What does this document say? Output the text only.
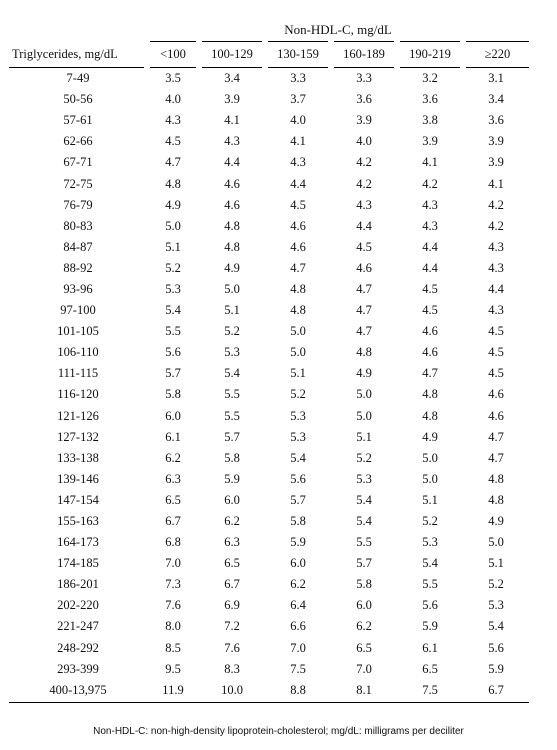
	Non-HDL-C, mg/dL					
Triglycerides, mg/dL	<100	100-129	130-159	160-189	190-219	≥220
7-49	3.5	3.4	3.3	3.3	3.2	3.1
50-56	4.0	3.9	3.7	3.6	3.6	3.4
57-61	4.3	4.1	4.0	3.9	3.8	3.6
62-66	4.5	4.3	4.1	4.0	3.9	3.9
67-71	4.7	4.4	4.3	4.2	4.1	3.9
72-75	4.8	4.6	4.4	4.2	4.2	4.1
76-79	4.9	4.6	4.5	4.3	4.3	4.2
80-83	5.0	4.8	4.6	4.4	4.3	4.2
84-87	5.1	4.8	4.6	4.5	4.4	4.3
88-92	5.2	4.9	4.7	4.6	4.4	4.3
93-96	5.3	5.0	4.8	4.7	4.5	4.4
97-100	5.4	5.1	4.8	4.7	4.5	4.3
101-105	5.5	5.2	5.0	4.7	4.6	4.5
106-110	5.6	5.3	5.0	4.8	4.6	4.5
111-115	5.7	5.4	5.1	4.9	4.7	4.5
116-120	5.8	5.5	5.2	5.0	4.8	4.6
121-126	6.0	5.5	5.3	5.0	4.8	4.6
127-132	6.1	5.7	5.3	5.1	4.9	4.7
133-138	6.2	5.8	5.4	5.2	5.0	4.7
139-146	6.3	5.9	5.6	5.3	5.0	4.8
147-154	6.5	6.0	5.7	5.4	5.1	4.8
155-163	6.7	6.2	5.8	5.4	5.2	4.9
164-173	6.8	6.3	5.9	5.5	5.3	5.0
174-185	7.0	6.5	6.0	5.7	5.4	5.1
186-201	7.3	6.7	6.2	5.8	5.5	5.2
202-220	7.6	6.9	6.4	6.0	5.6	5.3
221-247	8.0	7.2	6.6	6.2	5.9	5.4
248-292	8.5	7.6	7.0	6.5	6.1	5.6
293-399	9.5	8.3	7.5	7.0	6.5	5.9
400-13,975	11.9	10.0	8.8	8.1	7.5	6.7
Non-HDL-C: non-high-density lipoprotein-cholesterol; mg/dL: milligrams per deciliter
